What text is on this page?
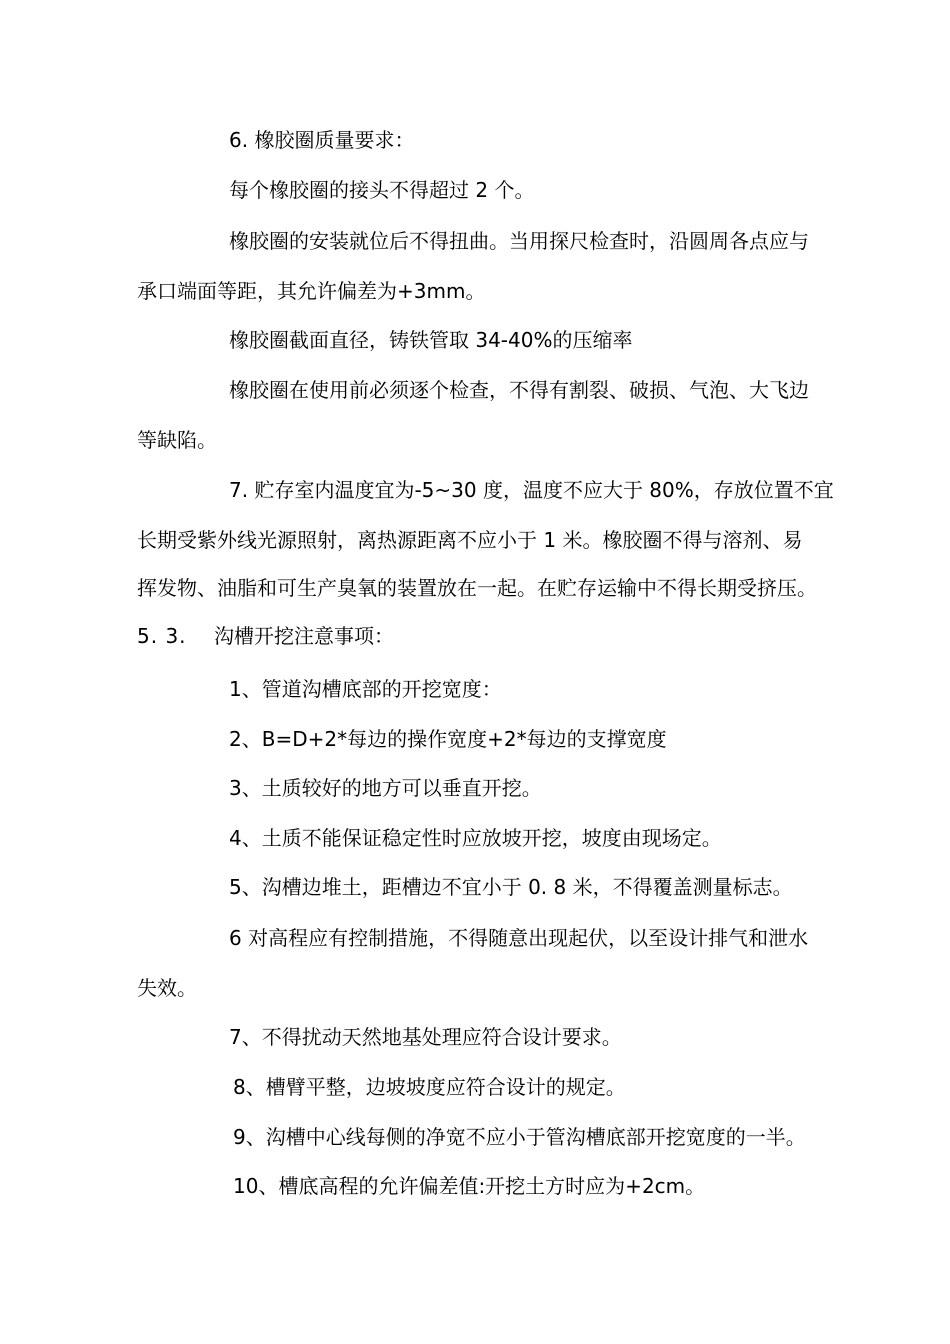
6. 橡胶圈质量要求：
每个橡胶圈的接头不得超过 2 个。
橡胶圈的安装就位后不得扭曲。当用探尺检查时，沿圆周各点应与
承口端面等距，其允许偏差为+3mm。
橡胶圈截面直径，铸铁管取 34-40%的压缩率
橡胶圈在使用前必须逐个检查，不得有割裂、破损、气泡、大飞边
等缺陷。
7. 贮存室内温度宜为-5~30 度，温度不应大于 80%，存放位置不宜
长期受紫外线光源照射，离热源距离不应小于 1 米。橡胶圈不得与溶剂、易
挥发物、油脂和可生产臭氧的装置放在一起。在贮存运输中不得长期受挤压。
5. 3. 沟槽开挖注意事项：
1、管道沟槽底部的开挖宽度：
2、B=D+2*每边的操作宽度+2*每边的支撑宽度
3、土质较好的地方可以垂直开挖。
4、土质不能保证稳定性时应放坡开挖，坡度由现场定。
5、沟槽边堆土，距槽边不宜小于 0. 8 米，不得覆盖测量标志。
6 对高程应有控制措施，不得随意出现起伏，以至设计排气和泄水
失效。
7、不得扰动天然地基处理应符合设计要求。
8、槽臂平整，边坡坡度应符合设计的规定。
9、沟槽中心线每侧的净宽不应小于管沟槽底部开挖宽度的一半。
10、槽底高程的允许偏差值:开挖土方时应为+2cm。
